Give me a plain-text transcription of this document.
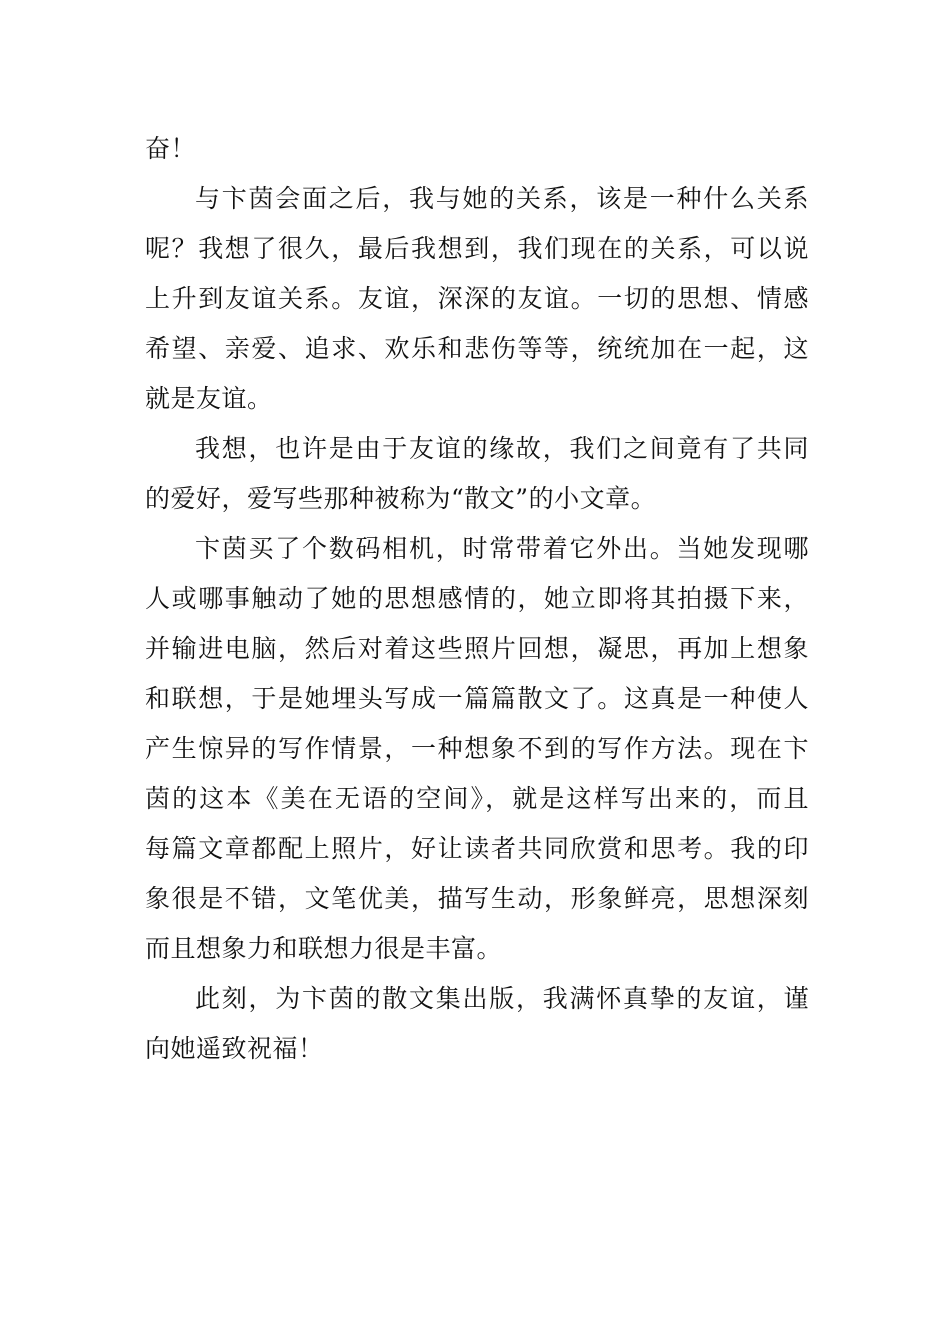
奋！

与卞茵会面之后，我与她的关系，该是一种什么关系
呢？我想了很久，最后我想到，我们现在的关系，可以说
上升到友谊关系。友谊，深深的友谊。一切的思想、情感
希望、亲爱、追求、欢乐和悲伤等等，统统加在一起，这
就是友谊。

我想，也许是由于友谊的缘故，我们之间竟有了共同
的爱好，爱写些那种被称为“散文”的小文章。

卞茵买了个数码相机，时常带着它外出。当她发现哪
人或哪事触动了她的思想感情的，她立即将其拍摄下来，
并输进电脑，然后对着这些照片回想，凝思，再加上想象
和联想，于是她埋头写成一篇篇散文了。这真是一种使人
产生惊异的写作情景，一种想象不到的写作方法。现在卞
茵的这本《美在无语的空间》，就是这样写出来的，而且
每篇文章都配上照片，好让读者共同欣赏和思考。我的印
象很是不错，文笔优美，描写生动，形象鲜亮，思想深刻
而且想象力和联想力很是丰富。

此刻，为卞茵的散文集出版，我满怀真挚的友谊，谨
向她遥致祝福！
